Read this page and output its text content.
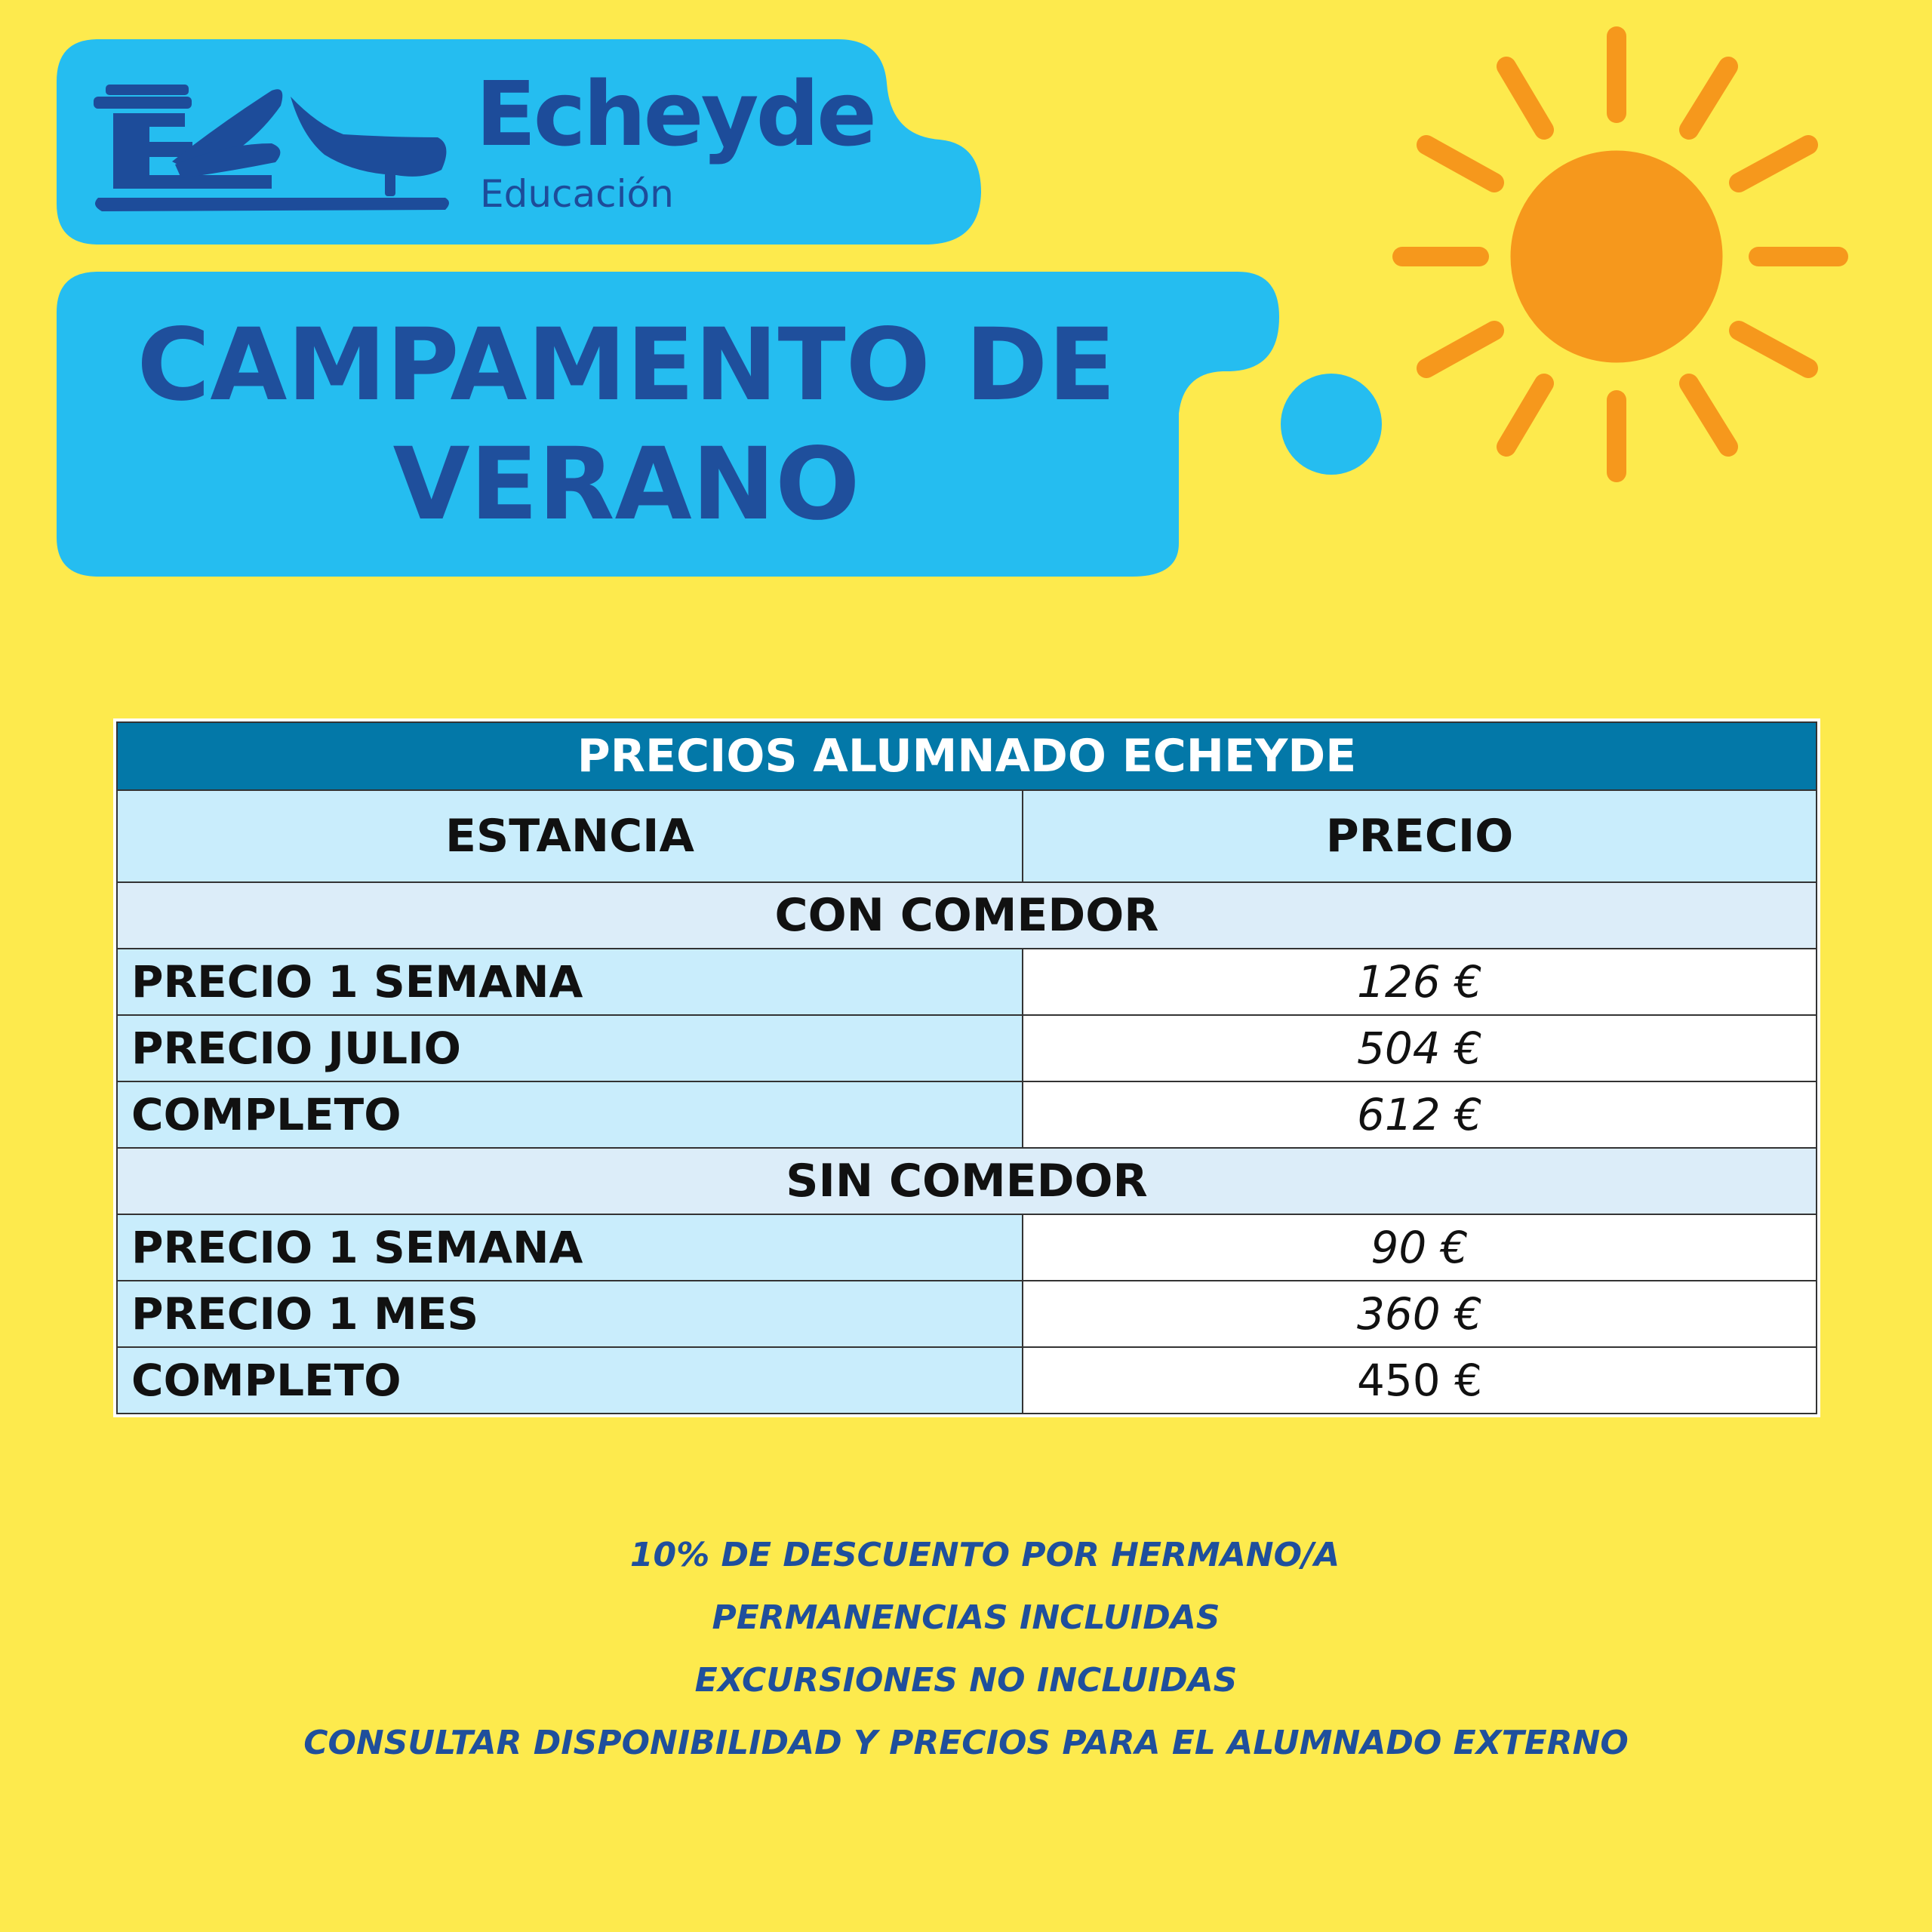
Echeyde
Educación
CAMPAMENTO DE
VERANO
PRECIOS ALUMNADO ECHEYDE	
ESTANCIA	PRECIO
CON COMEDOR	
PRECIO 1 SEMANA	126 €
PRECIO JULIO	504 €
COMPLETO	612 €
SIN COMEDOR	
PRECIO 1 SEMANA	90 €
PRECIO 1 MES	360 €
COMPLETO	450 €
10% DE DESCUENTO POR HERMANO/A
PERMANENCIAS INCLUIDAS
EXCURSIONES NO INCLUIDAS
CONSULTAR DISPONIBILIDAD Y PRECIOS PARA EL ALUMNADO EXTERNO
